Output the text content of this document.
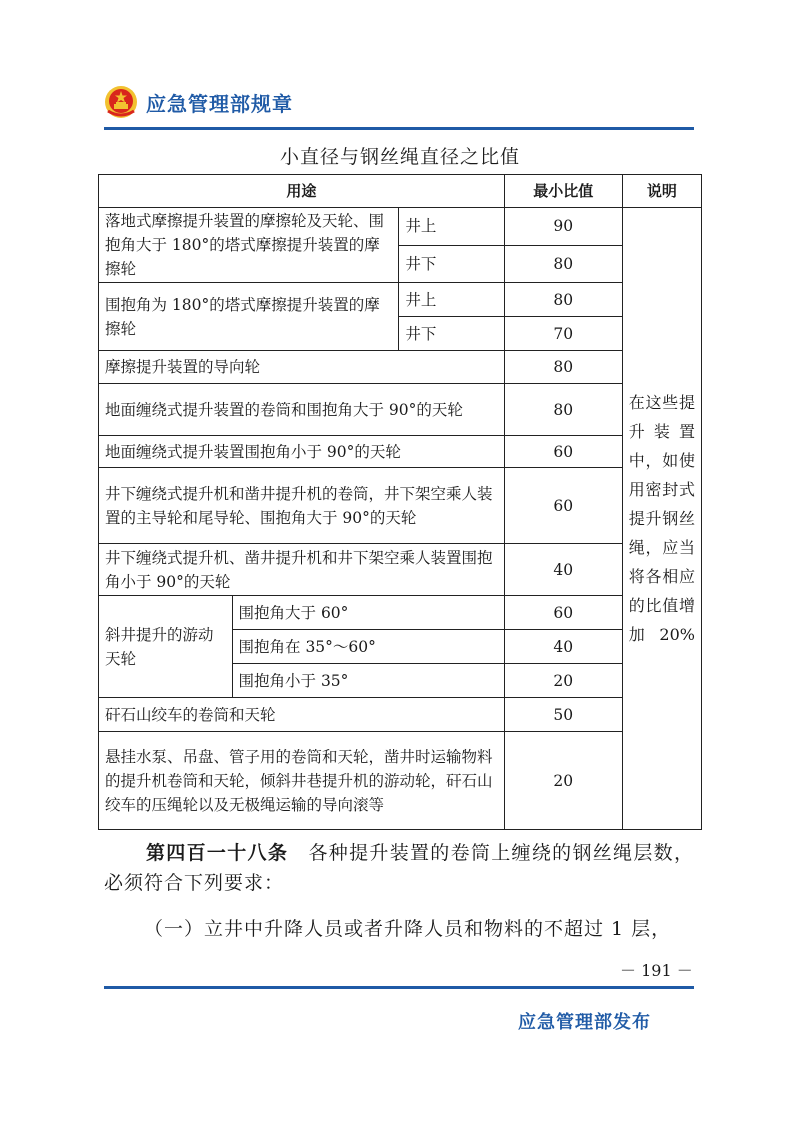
应急管理部规章
小直径与钢丝绳直径之比值
用途			最小比值	说明
落地式摩擦提升装置的摩擦轮及天轮、围抱角大于 180°的塔式摩擦提升装置的摩擦轮		井上	90	在这些提升装置中，如使用密封式提升钢丝绳，应当将各相应的比值增加20%
		井下	80	
围抱角为 180°的塔式摩擦提升装置的摩擦轮		井上	80	
		井下	70	
摩擦提升装置的导向轮			80	
地面缠绕式提升装置的卷筒和围抱角大于 90°的天轮			80	
地面缠绕式提升装置围抱角小于 90°的天轮			60	
井下缠绕式提升机和凿井提升机的卷筒，井下架空乘人装置的主导轮和尾导轮、围抱角大于 90°的天轮			60	
井下缠绕式提升机、凿井提升机和井下架空乘人装置围抱角小于 90°的天轮			40	
斜井提升的游动天轮	围抱角大于 60°		60	
	围抱角在 35°～60°		40	
	围抱角小于 35°		20	
矸石山绞车的卷筒和天轮			50	
悬挂水泵、吊盘、管子用的卷筒和天轮，凿井时运输物料的提升机卷筒和天轮，倾斜井巷提升机的游动轮，矸石山绞车的压绳轮以及无极绳运输的导向滚等			20	
第四百一十八条　 各种提升装置的卷筒上缠绕的钢丝绳层数，必须符合下列要求：
（一）立井中升降人员或者升降人员和物料的不超过 1 层，
－ 191 －
应急管理部发布
